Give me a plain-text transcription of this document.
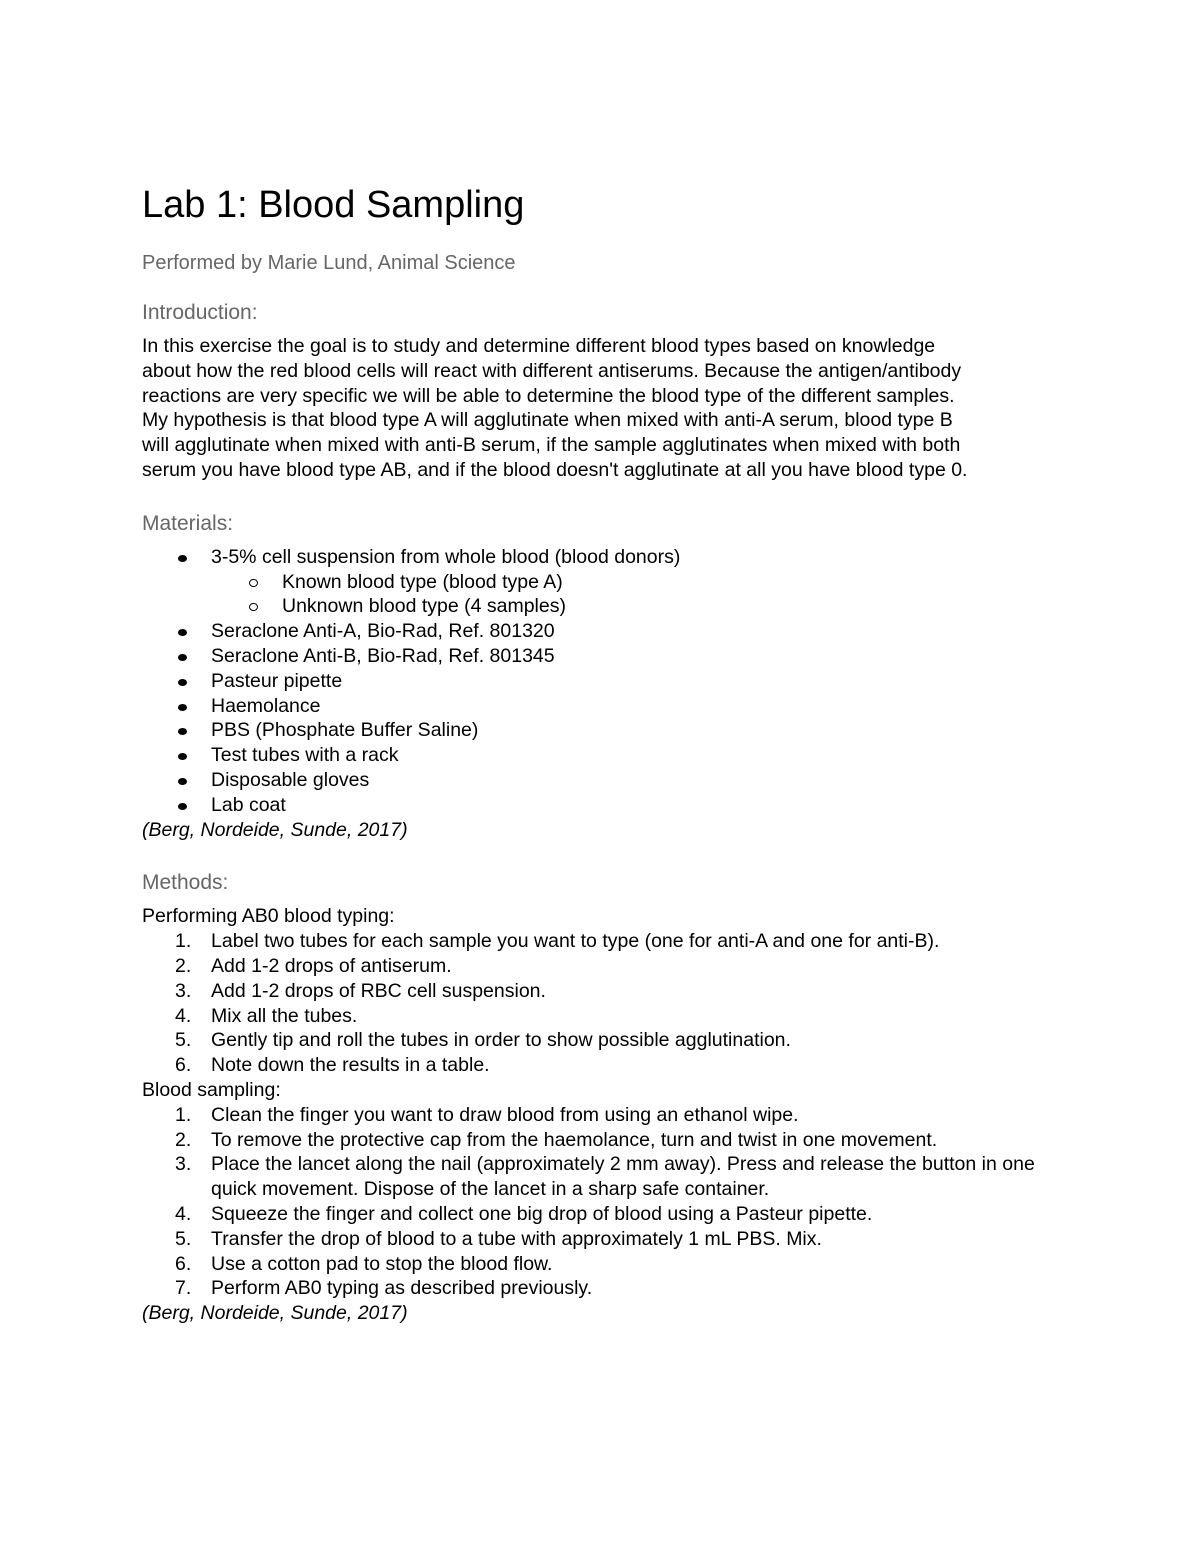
Lab 1: Blood Sampling

Performed by Marie Lund, Animal Science

Introduction:
In this exercise the goal is to study and determine different blood types based on knowledge
about how the red blood cells will react with different antiserums. Because the antigen/antibody
reactions are very specific we will be able to determine the blood type of the different samples.
My hypothesis is that blood type A will agglutinate when mixed with anti-A serum, blood type B
will agglutinate when mixed with anti-B serum, if the sample agglutinates when mixed with both
serum you have blood type AB, and if the blood doesn't agglutinate at all you have blood type 0.
Materials:
3-5% cell suspension from whole blood (blood donors)
Known blood type (blood type A)
Unknown blood type (4 samples)
Seraclone Anti-A, Bio-Rad, Ref. 801320
Seraclone Anti-B, Bio-Rad, Ref. 801345
Pasteur pipette
Haemolance
PBS (Phosphate Buffer Saline)
Test tubes with a rack
Disposable gloves
Lab coat
(Berg, Nordeide, Sunde, 2017)
Methods:
Performing AB0 blood typing:
1.	Label two tubes for each sample you want to type (one for anti-A and one for anti-B).
2.	Add 1-2 drops of antiserum.
3.	Add 1-2 drops of RBC cell suspension.
4.	Mix all the tubes.
5.	Gently tip and roll the tubes in order to show possible agglutination.
6.	Note down the results in a table.
Blood sampling:
1.	Clean the finger you want to draw blood from using an ethanol wipe.
2.	To remove the protective cap from the haemolance, turn and twist in one movement.
3.	Place the lancet along the nail (approximately 2 mm away). Press and release the button in one quick movement. Dispose of the lancet in a sharp safe container.
4.	Squeeze the finger and collect one big drop of blood using a Pasteur pipette.
5.	Transfer the drop of blood to a tube with approximately 1 mL PBS. Mix.
6.	Use a cotton pad to stop the blood flow.
7.	Perform AB0 typing as described previously.
(Berg, Nordeide, Sunde, 2017)
